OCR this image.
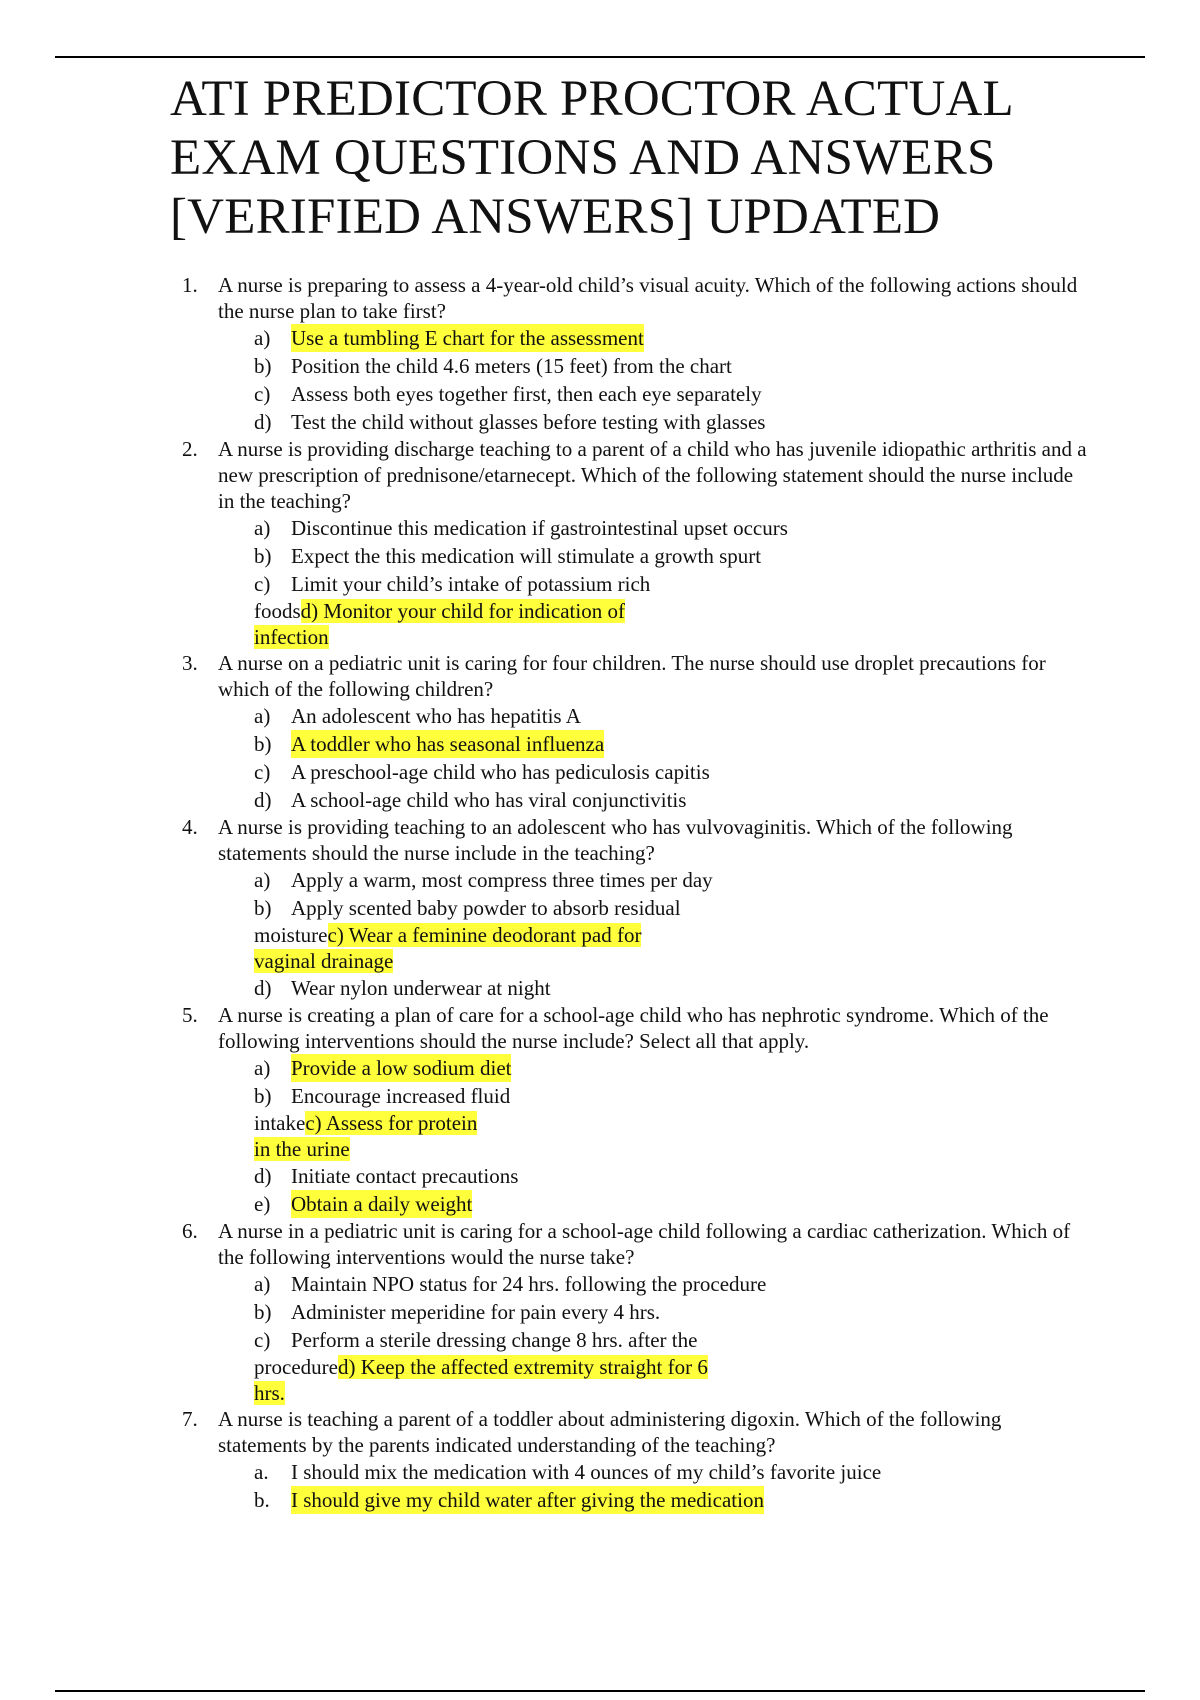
ATI PREDICTOR PROCTOR ACTUAL
EXAM QUESTIONS AND ANSWERS
[VERIFIED ANSWERS] UPDATED
1. A nurse is preparing to assess a 4-year-old child’s visual acuity. Which of the following actions should the nurse plan to take first?
a) Use a tumbling E chart for the assessment
b) Position the child 4.6 meters (15 feet) from the chart
c) Assess both eyes together first, then each eye separately
d) Test the child without glasses before testing with glasses
2. A nurse is providing discharge teaching to a parent of a child who has juvenile idiopathic arthritis and a new prescription of prednisone/etarnecept. Which of the following statement should the nurse include in the teaching?
a) Discontinue this medication if gastrointestinal upset occurs
b) Expect the this medication will stimulate a growth spurt
c) Limit your child’s intake of potassium rich
foodsd) Monitor your child for indication of
infection
3. A nurse on a pediatric unit is caring for four children. The nurse should use droplet precautions for which of the following children?
a) An adolescent who has hepatitis A
b) A toddler who has seasonal influenza
c) A preschool-age child who has pediculosis capitis
d) A school-age child who has viral conjunctivitis
4. A nurse is providing teaching to an adolescent who has vulvovaginitis. Which of the following statements should the nurse include in the teaching?
a) Apply a warm, most compress three times per day
b) Apply scented baby powder to absorb residual
moisturec) Wear a feminine deodorant pad for
vaginal drainage
d) Wear nylon underwear at night
5. A nurse is creating a plan of care for a school-age child who has nephrotic syndrome. Which of the following interventions should the nurse include? Select all that apply.
a) Provide a low sodium diet
b) Encourage increased fluid
intakec) Assess for protein
in the urine
d) Initiate contact precautions
e) Obtain a daily weight
6. A nurse in a pediatric unit is caring for a school-age child following a cardiac catherization. Which of the following interventions would the nurse take?
a) Maintain NPO status for 24 hrs. following the procedure
b) Administer meperidine for pain every 4 hrs.
c) Perform a sterile dressing change 8 hrs. after the
procedured) Keep the affected extremity straight for 6
hrs.
7. A nurse is teaching a parent of a toddler about administering digoxin. Which of the following statements by the parents indicated understanding of the teaching?
a. I should mix the medication with 4 ounces of my child’s favorite juice
b. I should give my child water after giving the medication
